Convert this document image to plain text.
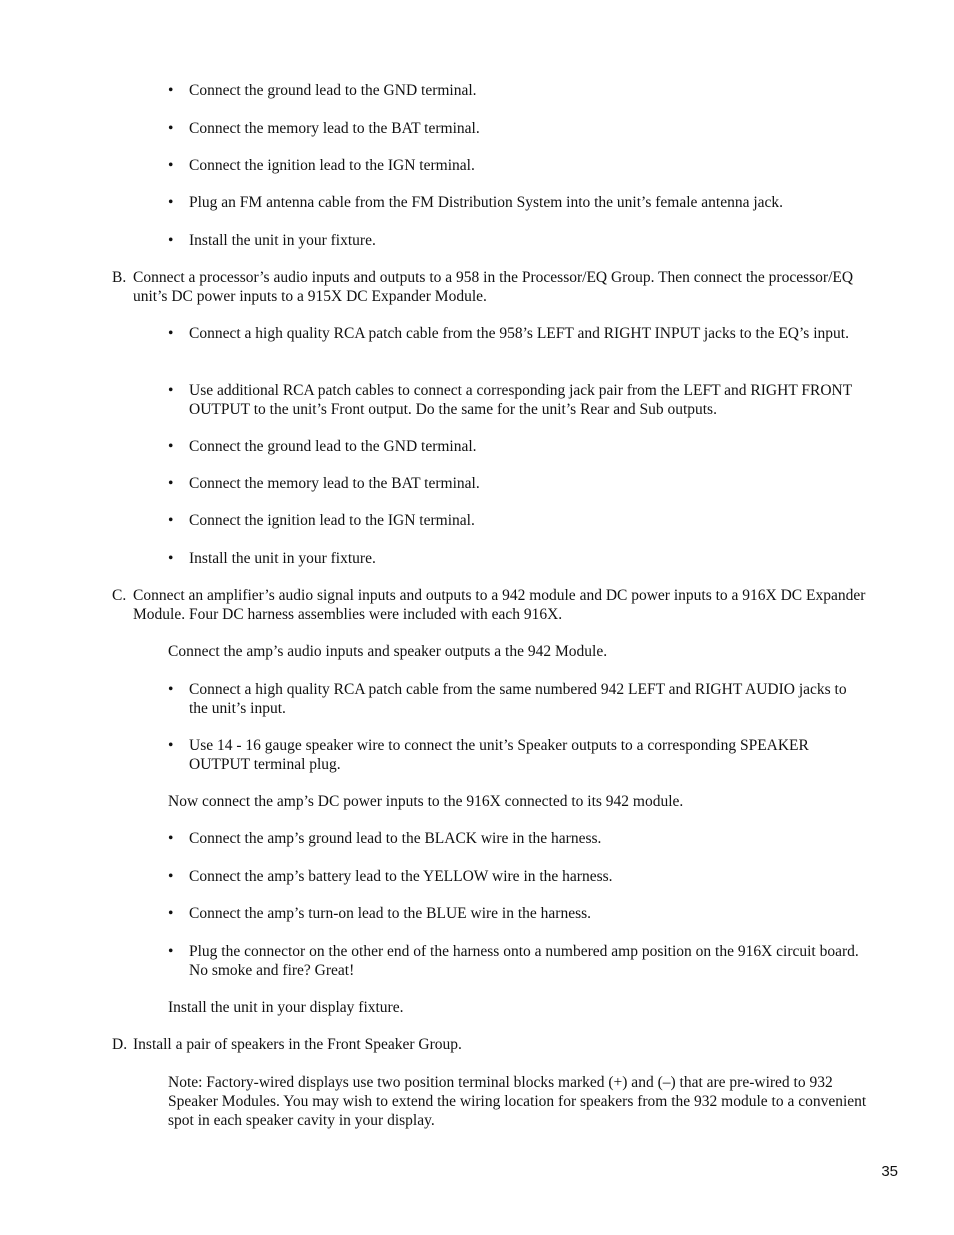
•	Connect the ground lead to the GND terminal.
•	Connect the memory lead to the BAT terminal.
•	Connect the ignition lead to the IGN terminal.
•	Plug an FM antenna cable from the FM Distribution System into the unit’s female antenna jack.
•	Install the unit in your fixture.
B. Connect a processor’s audio inputs and outputs to a 958 in the Processor/EQ Group. Then connect the processor/EQ unit’s DC power inputs to a 915X DC Expander Module.
•	Connect a high quality RCA patch cable from the 958’s LEFT and RIGHT INPUT jacks to the EQ’s input.
•	Use additional RCA patch cables to connect a corresponding jack pair from the LEFT and RIGHT FRONT OUTPUT to the unit’s Front output. Do the same for the unit’s Rear and Sub outputs.
•	Connect the ground lead to the GND terminal.
•	Connect the memory lead to the BAT terminal.
•	Connect the ignition lead to the IGN terminal.
•	Install the unit in your fixture.
C. Connect an amplifier’s audio signal inputs and outputs to a 942 module and DC power inputs to a 916X DC Expander Module. Four DC harness assemblies were included with each 916X.
Connect the amp’s audio inputs and speaker outputs a the 942 Module.
•	Connect a high quality RCA patch cable from the same numbered 942 LEFT and RIGHT AUDIO jacks to the unit’s input.
•	Use 14 - 16 gauge speaker wire to connect the unit’s Speaker outputs to a corresponding SPEAKER OUTPUT terminal plug.
Now connect the amp’s DC power inputs to the 916X connected to its 942 module.
•	Connect the amp’s ground lead to the BLACK wire in the harness.
•	Connect the amp’s battery lead to the YELLOW wire in the harness.
•	Connect the amp’s turn-on lead to the BLUE wire in the harness.
•	Plug the connector on the other end of the harness onto a numbered amp position on the 916X circuit board. No smoke and fire? Great!
Install the unit in your display fixture.
D. Install a pair of speakers in the Front Speaker Group.
Note: Factory-wired displays use two position terminal blocks marked (+) and (–) that are pre-wired to 932 Speaker Modules. You may wish to extend the wiring location for speakers from the 932 module to a convenient spot in each speaker cavity in your display.
35
